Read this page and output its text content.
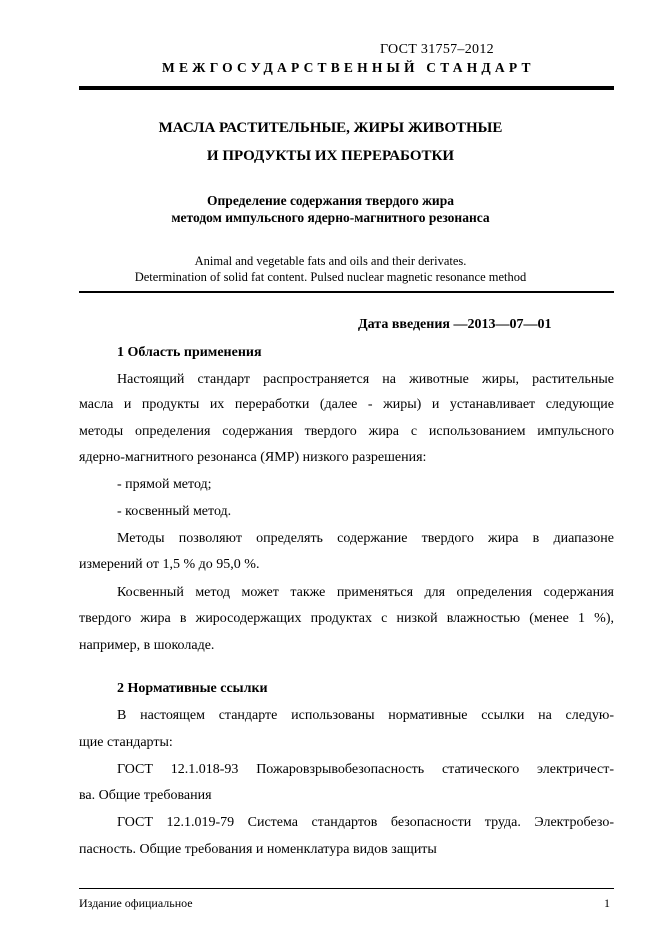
ГОСТ 31757–2012
МЕЖГОСУДАРСТВЕННЫЙ СТАНДАРТ
МАСЛА РАСТИТЕЛЬНЫЕ, ЖИРЫ ЖИВОТНЫЕ
И ПРОДУКТЫ ИХ ПЕРЕРАБОТКИ
Определение содержания твердого жира
методом импульсного ядерно-магнитного резонанса
Animal and vegetable fats and oils and their derivates.
Determination of solid fat content. Pulsed nuclear magnetic resonance method
Дата введения —2013—07—01
1 Область применения
Настоящий стандарт распространяется на животные жиры, растительные
масла и продукты их переработки (далее ‑ жиры) и устанавливает следующие
методы определения содержания твердого жира с использованием импульсного
ядерно-магнитного резонанса (ЯМР) низкого разрешения:
- прямой метод;
- косвенный метод.
Методы позволяют определять содержание твердого жира в диапазоне
измерений от 1,5 % до 95,0 %.
Косвенный метод может также применяться для определения содержания
твердого жира в жиросодержащих продуктах с низкой влажностью (менее 1 %),
например, в шоколаде.
2 Нормативные ссылки
В настоящем стандарте использованы нормативные ссылки на следую-
щие стандарты:
ГОСТ 12.1.018-93 Пожаровзрывобезопасность статического электричест-
ва. Общие требования
ГОСТ 12.1.019-79 Система стандартов безопасности труда. Электробезо-
пасность. Общие требования и номенклатура видов защиты
Издание официальное	1
